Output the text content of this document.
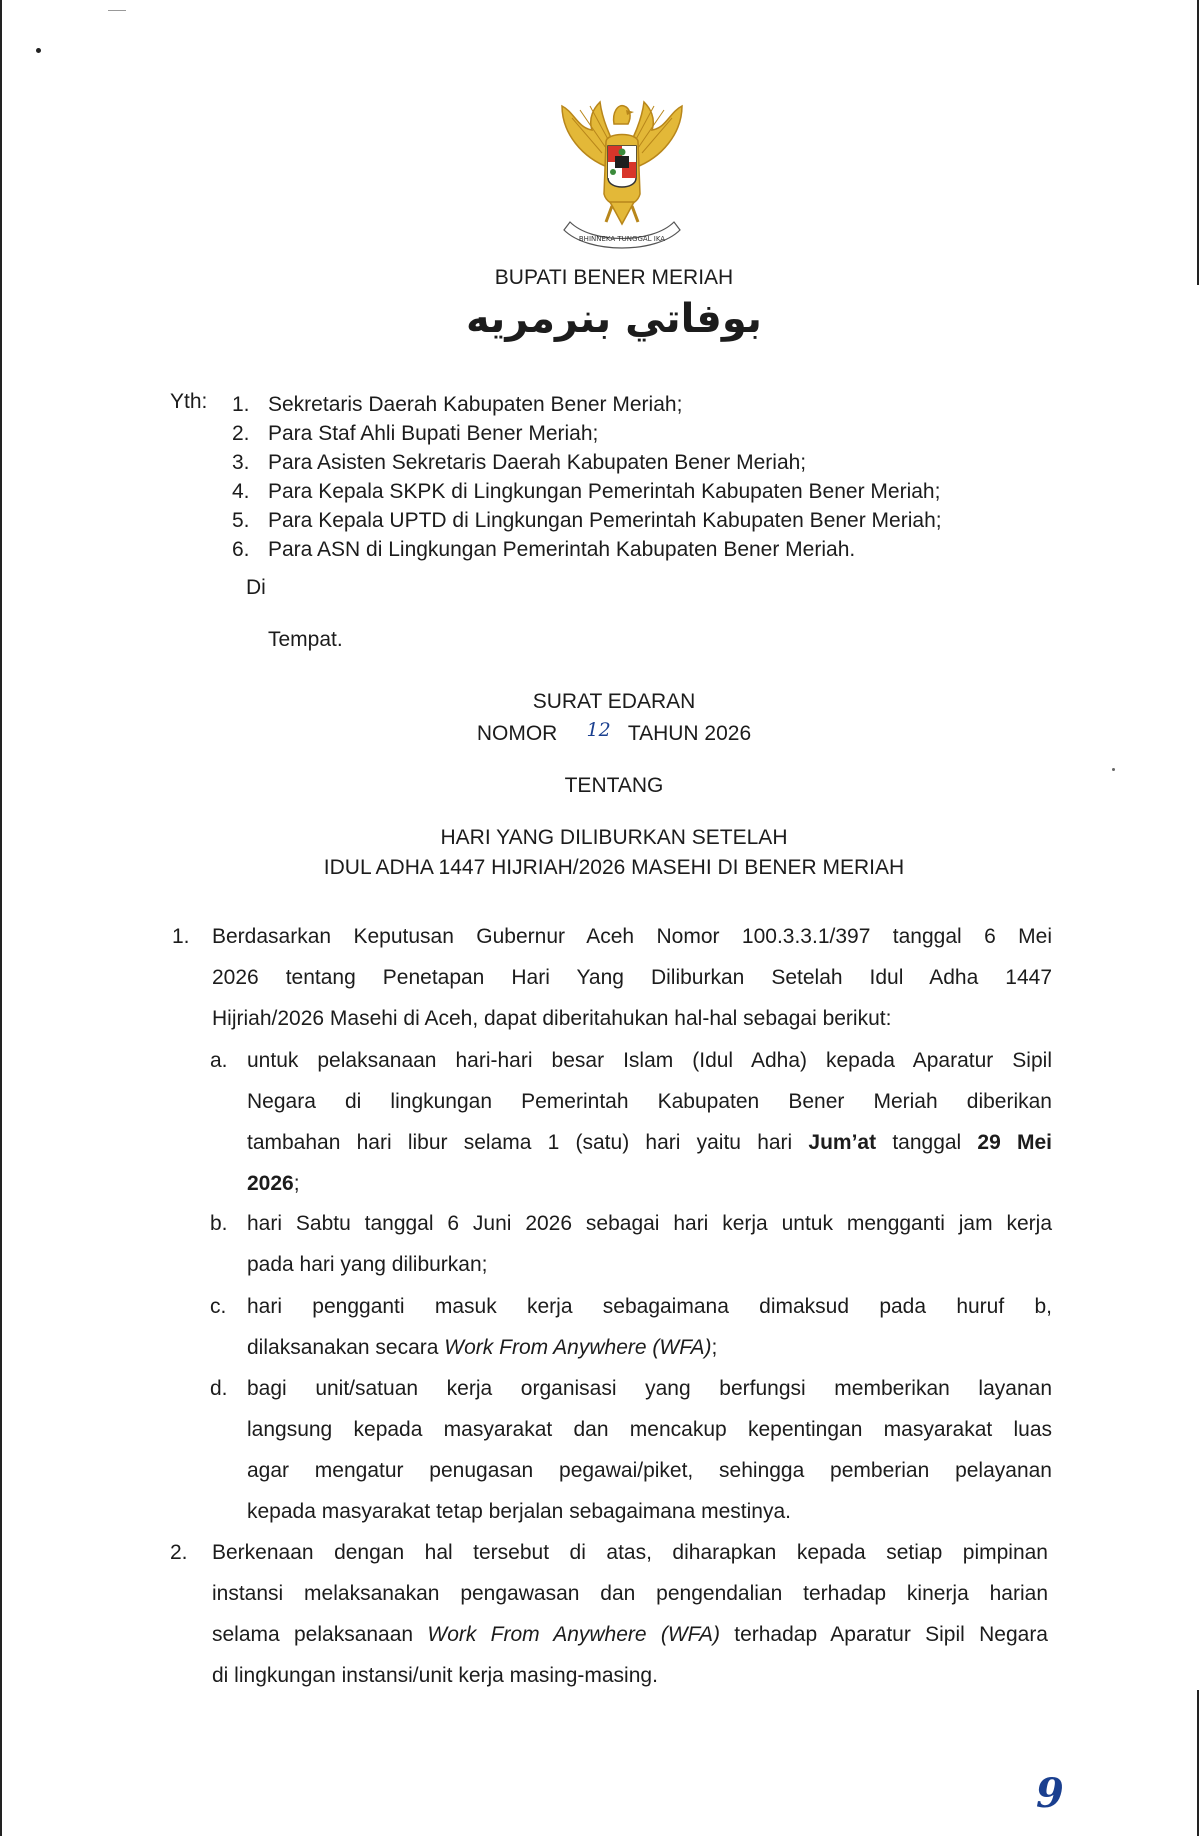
BHINNEKA TUNGGAL IKA
BUPATI BENER MERIAH
بوفاتي بنرمريه
Yth: 1. Sekretaris Daerah Kabupaten Bener Meriah;
2. Para Staf Ahli Bupati Bener Meriah;
3. Para Asisten Sekretaris Daerah Kabupaten Bener Meriah;
4. Para Kepala SKPK di Lingkungan Pemerintah Kabupaten Bener Meriah;
5. Para Kepala UPTD di Lingkungan Pemerintah Kabupaten Bener Meriah;
6. Para ASN di Lingkungan Pemerintah Kabupaten Bener Meriah.
Di
Tempat.
SURAT EDARAN
NOMOR 12 TAHUN 2026
TENTANG
HARI YANG DILIBURKAN SETELAH
IDUL ADHA 1447 HIJRIAH/2026 MASEHI DI BENER MERIAH
1. Berdasarkan Keputusan Gubernur Aceh Nomor 100.3.3.1/397 tanggal 6 Mei
2026 tentang Penetapan Hari Yang Diliburkan Setelah Idul Adha 1447
Hijriah/2026 Masehi di Aceh, dapat diberitahukan hal-hal sebagai berikut:
a. untuk pelaksanaan hari-hari besar Islam (Idul Adha) kepada Aparatur Sipil
Negara di lingkungan Pemerintah Kabupaten Bener Meriah diberikan
tambahan hari libur selama 1 (satu) hari yaitu hari Jum’at tanggal 29 Mei
2026;
b. hari Sabtu tanggal 6 Juni 2026 sebagai hari kerja untuk mengganti jam kerja
pada hari yang diliburkan;
c. hari pengganti masuk kerja sebagaimana dimaksud pada huruf b,
dilaksanakan secara Work From Anywhere (WFA);
d. bagi unit/satuan kerja organisasi yang berfungsi memberikan layanan
langsung kepada masyarakat dan mencakup kepentingan masyarakat luas
agar mengatur penugasan pegawai/piket, sehingga pemberian pelayanan
kepada masyarakat tetap berjalan sebagaimana mestinya.
2. Berkenaan dengan hal tersebut di atas, diharapkan kepada setiap pimpinan
instansi melaksanakan pengawasan dan pengendalian terhadap kinerja harian
selama pelaksanaan Work From Anywhere (WFA) terhadap Aparatur Sipil Negara
di lingkungan instansi/unit kerja masing-masing.
9
